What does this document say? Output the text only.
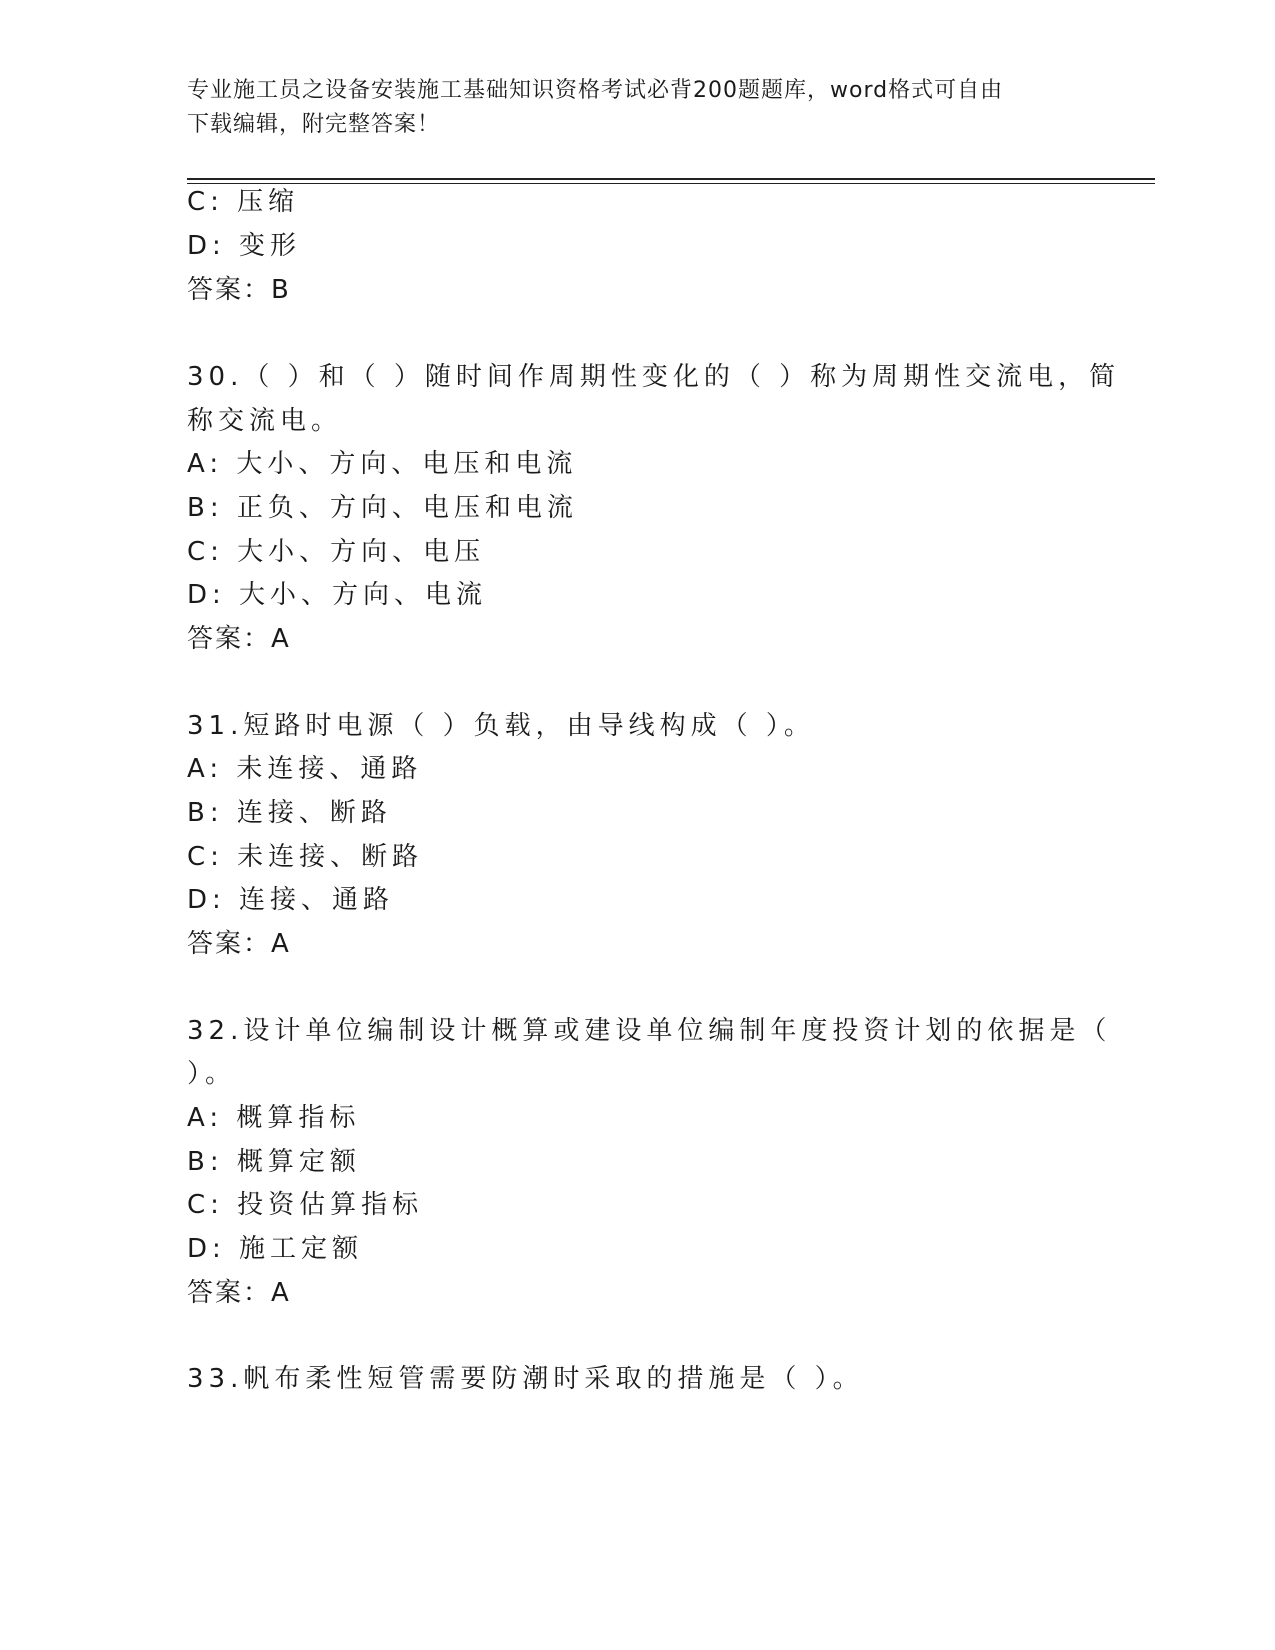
专业施工员之设备安装施工基础知识资格考试必背200题题库，word格式可自由
下载编辑，附完整答案！
C: 压缩
D: 变形
答案：B
30.（ ）和（ ）随时间作周期性变化的（ ）称为周期性交流电，简
称交流电。
A: 大小、方向、电压和电流
B: 正负、方向、电压和电流
C: 大小、方向、电压
D: 大小、方向、电流
答案：A
31.短路时电源（ ）负载，由导线构成（ ）。
A: 未连接、通路
B: 连接、断路
C: 未连接、断路
D: 连接、通路
答案：A
32.设计单位编制设计概算或建设单位编制年度投资计划的依据是（
）。
A: 概算指标
B: 概算定额
C: 投资估算指标
D: 施工定额
答案：A
33.帆布柔性短管需要防潮时采取的措施是（ ）。
